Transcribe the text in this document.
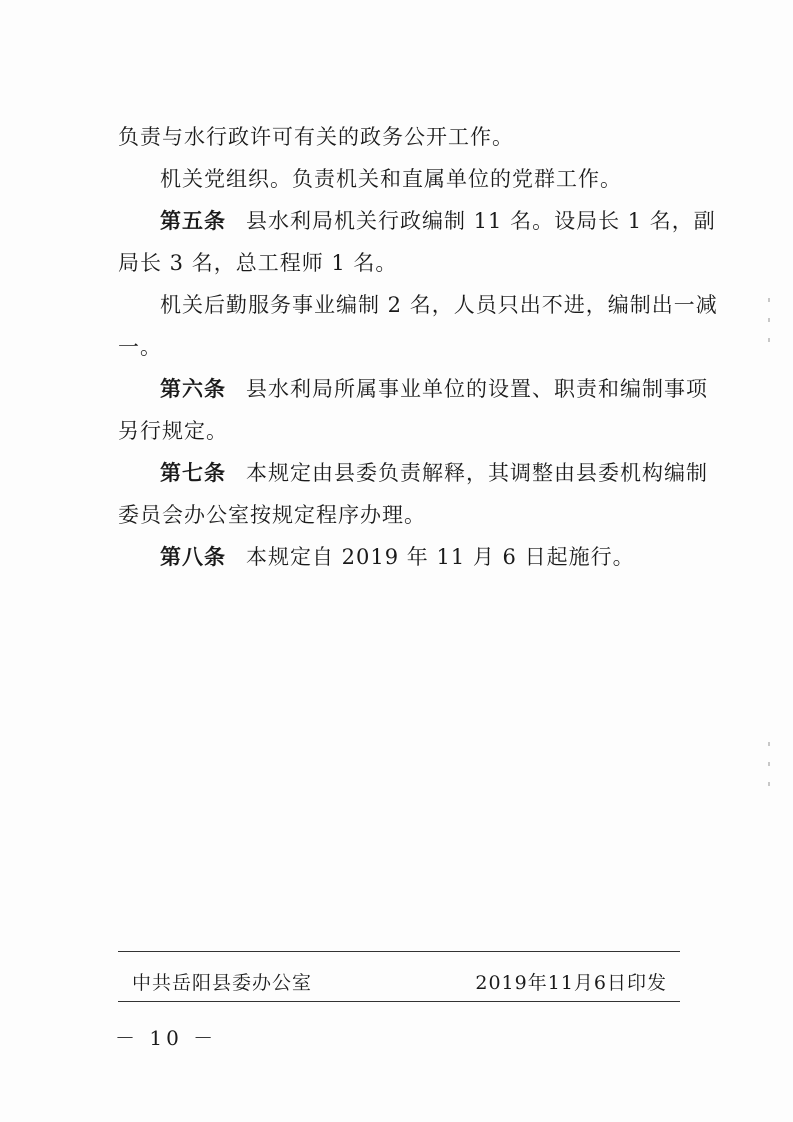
负责与水行政许可有关的政务公开工作。

机关党组织。负责机关和直属单位的党群工作。

第五条 县水利局机关行政编制 11 名。设局长 1 名，副

局长 3 名，总工程师 1 名。

机关后勤服务事业编制 2 名，人员只出不进，编制出一减

一。

第六条 县水利局所属事业单位的设置、职责和编制事项

另行规定。

第七条 本规定由县委负责解释，其调整由县委机构编制

委员会办公室按规定程序办理。

第八条 本规定自 2019 年 11 月 6 日起施行。

中共岳阳县委办公室	2019年11月6日印发
－ 10 －
